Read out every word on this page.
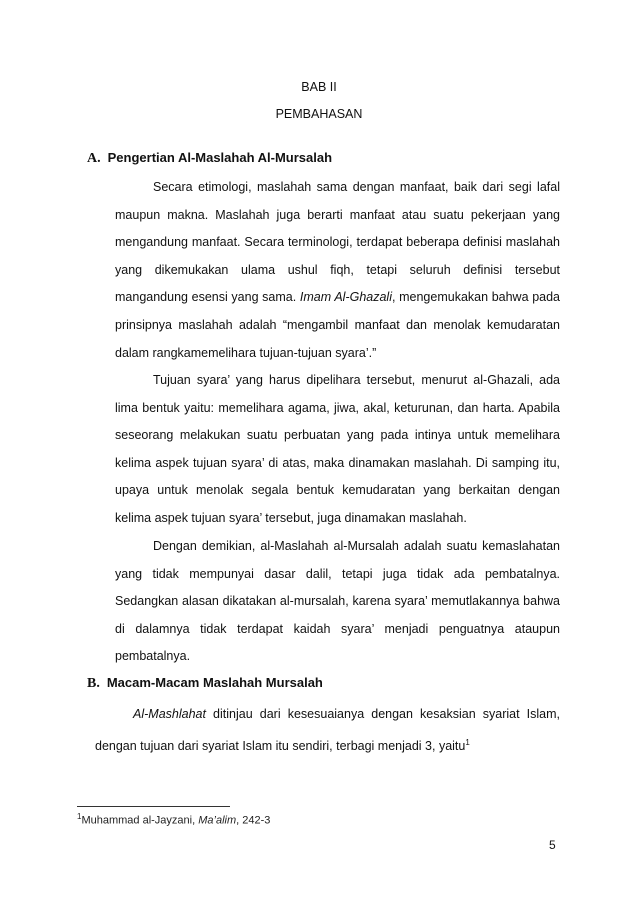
BAB II
PEMBAHASAN
A. Pengertian Al-Maslahah Al-Mursalah

Secara etimologi, maslahah sama dengan manfaat, baik dari segi lafal maupun makna. Maslahah juga berarti manfaat atau suatu pekerjaan yang mengandung manfaat. Secara terminologi, terdapat beberapa definisi maslahah yang dikemukakan ulama ushul fiqh, tetapi seluruh definisi tersebut mangandung esensi yang sama. Imam Al-Ghazali, mengemukakan bahwa pada prinsipnya maslahah adalah “mengambil manfaat dan menolak kemudaratan dalam rangkamemelihara tujuan-tujuan syara’.”

Tujuan syara’ yang harus dipelihara tersebut, menurut al-Ghazali, ada lima bentuk yaitu: memelihara agama, jiwa, akal, keturunan, dan harta. Apabila seseorang melakukan suatu perbuatan yang pada intinya untuk memelihara kelima aspek tujuan syara’ di atas, maka dinamakan maslahah. Di samping itu, upaya untuk menolak segala bentuk kemudaratan yang berkaitan dengan kelima aspek tujuan syara’ tersebut, juga dinamakan maslahah.

Dengan demikian, al-Maslahah al-Mursalah adalah suatu kemaslahatan yang tidak mempunyai dasar dalil, tetapi juga tidak ada pembatalnya. Sedangkan alasan dikatakan al-mursalah, karena syara’ memutlakannya bahwa di dalamnya tidak terdapat kaidah syara’ menjadi penguatnya ataupun pembatalnya.

B. Macam-Macam Maslahah Mursalah

Al-Mashlahat ditinjau dari kesesuaianya dengan kesaksian syariat Islam, dengan tujuan dari syariat Islam itu sendiri, terbagi menjadi 3, yaitu$^1$

$^1$Muhammad al-Jayzani, Ma’alim, 242-3
5
